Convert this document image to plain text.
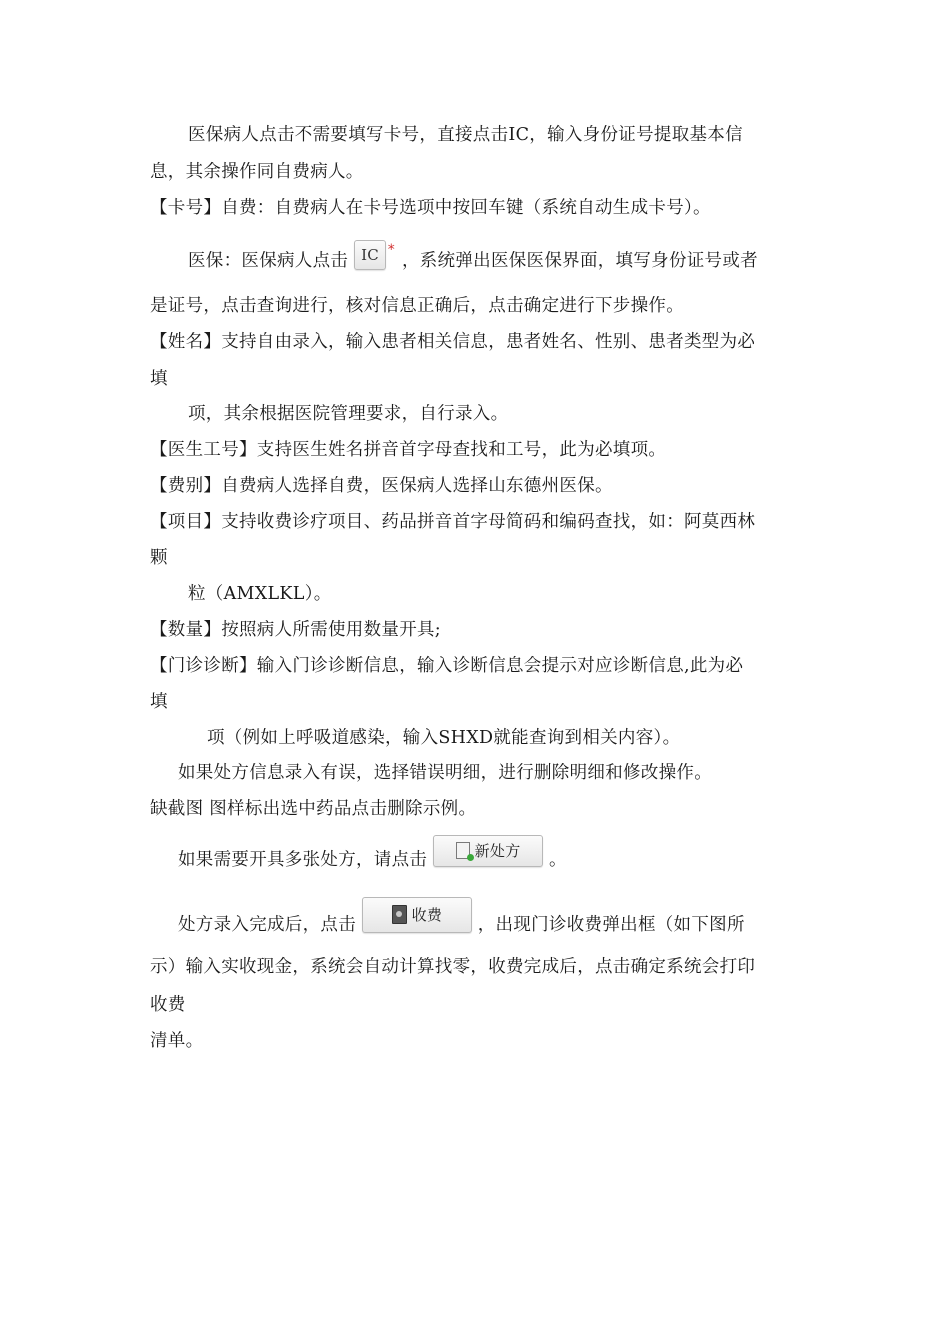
医保病人点击不需要填写卡号，直接点击IC，输入身份证号提取基本信
息，其余操作同自费病人。
【卡号】自费：自费病人在卡号选项中按回车键（系统自动生成卡号）。
医保：医保病人点击 IC *
，系统弹出医保医保界面，填写身份证号或者
是证号，点击查询进行，核对信息正确后，点击确定进行下步操作。
【姓名】支持自由录入，输入患者相关信息，患者姓名、性别、患者类型为必
填
项，其余根据医院管理要求，自行录入。
【医生工号】支持医生姓名拼音首字母查找和工号，此为必填项。
【费别】自费病人选择自费，医保病人选择山东德州医保。
【项目】支持收费诊疗项目、药品拼音首字母简码和编码查找，如：阿莫西林
颗
粒（AMXLKL）。
【数量】按照病人所需使用数量开具;
【门诊诊断】输入门诊诊断信息，输入诊断信息会提示对应诊断信息,此为必
填
项（例如上呼吸道感染，输入SHXD就能查询到相关内容）。
如果处方信息录入有误，选择错误明细，进行删除明细和修改操作。
缺截图 图样标出选中药品点击删除示例。
如果需要开具多张处方，请点击	新处方 。
处方录入完成后，点击
收费
，出现门诊收费弹出框（如下图所
示）输入实收现金，系统会自动计算找零，收费完成后，点击确定系统会打印
收费
清单。
